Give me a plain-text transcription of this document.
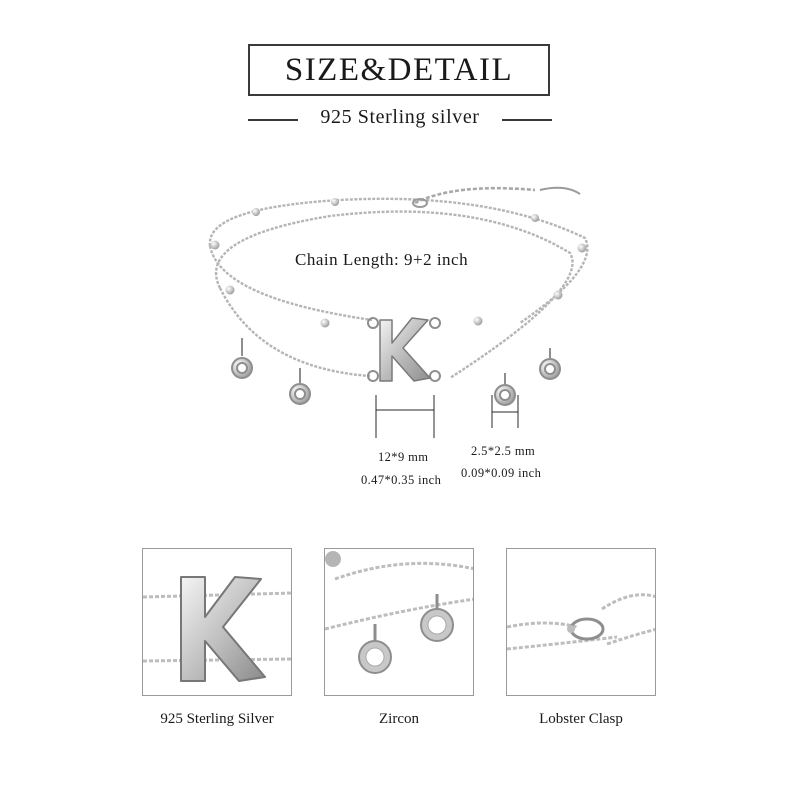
SIZE&DETAIL
925 Sterling silver
Chain Length: 9+2 inch
12*9 mm
0.47*0.35 inch
2.5*2.5 mm
0.09*0.09 inch
925 Sterling Silver	Zircon	Lobster Clasp
